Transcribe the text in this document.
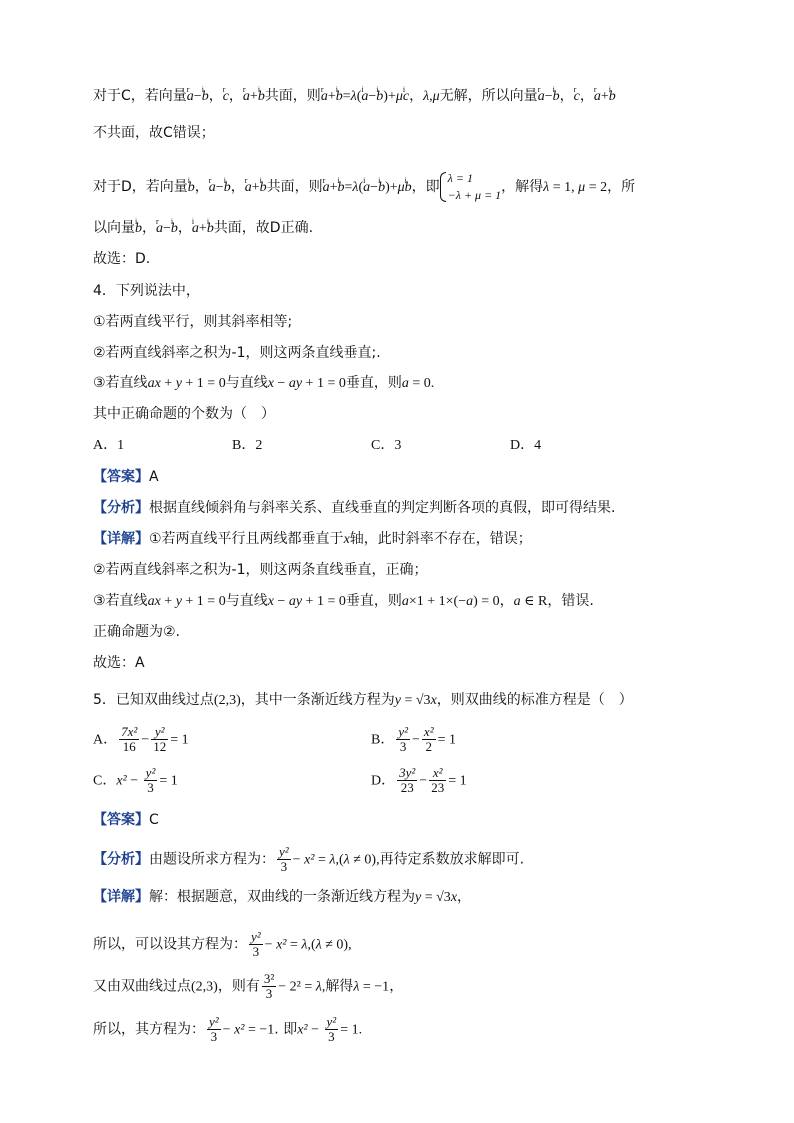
对于C，若向量r a−i b，r c，r a+i b共面，则r a+i b=λ(i a−i b)+μi c，λ,μ无解，所以向量r a−i b，r c，r a+i b
不共面，故C错误；
对于D，若向量i b，r a−i b，r a+i b共面，则r a+i b=λ(i a−i b)+μi b，即
λ = 1
−λ + μ = 1 ，解得λ = 1, μ = 2，所
以向量i b，r a−i b，i a+i b共面，故D正确.
故选：D.
4．下列说法中，
①若两直线平行，则其斜率相等;
②若两直线斜率之积为-1，则这两条直线垂直;.
③若直线ax + y + 1 = 0与直线x − ay + 1 = 0垂直，则a = 0.
其中正确命题的个数为（　）
A．1	B．2	C．3	D．4
【答案】A
【分析】根据直线倾斜角与斜率关系、直线垂直的判定判断各项的真假，即可得结果.
【详解】①若两直线平行且两线都垂直于x轴，此时斜率不存在，错误；
②若两直线斜率之积为-1，则这两条直线垂直，正确；
③若直线ax + y + 1 = 0与直线x − ay + 1 = 0垂直，则a×1 + 1×(−a) = 0，a ∈ R，错误.
正确命题为②.
故选：A
5．已知双曲线过点(2,3)，其中一条渐近线方程为y = √3x，则双曲线的标准方程是（　）
A． $\frac{\text{7x²}}{16} - \frac{\text{y²}}{12} = 1$	B． $\frac{\text{y²}}{3} - \frac{\text{x²}}{2} = 1$
C．$x^2 - \frac{\text{y²}}{3} = 1$	D． $\frac{\text{3y²}}{23} - \frac{\text{x²}}{23} = 1$
【答案】C
【分析】由题设所求方程为： $\frac{\text{y²}}{3} - x^2 = \lambda,(\lambda \ne 0)$,再待定系数放求解即可.
【详解】解：根据题意，双曲线的一条渐近线方程为y = √3x，
所以，可以设其方程为： $\frac{\text{y²}}{3} - x^2 = \lambda,(\lambda \ne 0)$,
又由双曲线过点(2,3)，则有 $\frac{\text{3²}}{3} - 2^2 = \lambda$,解得λ = −1，
所以，其方程为： $\frac{\text{y²}}{3} - x^2 = -1$. 即$x^2 - \frac{\text{y²}}{3} = 1$.
